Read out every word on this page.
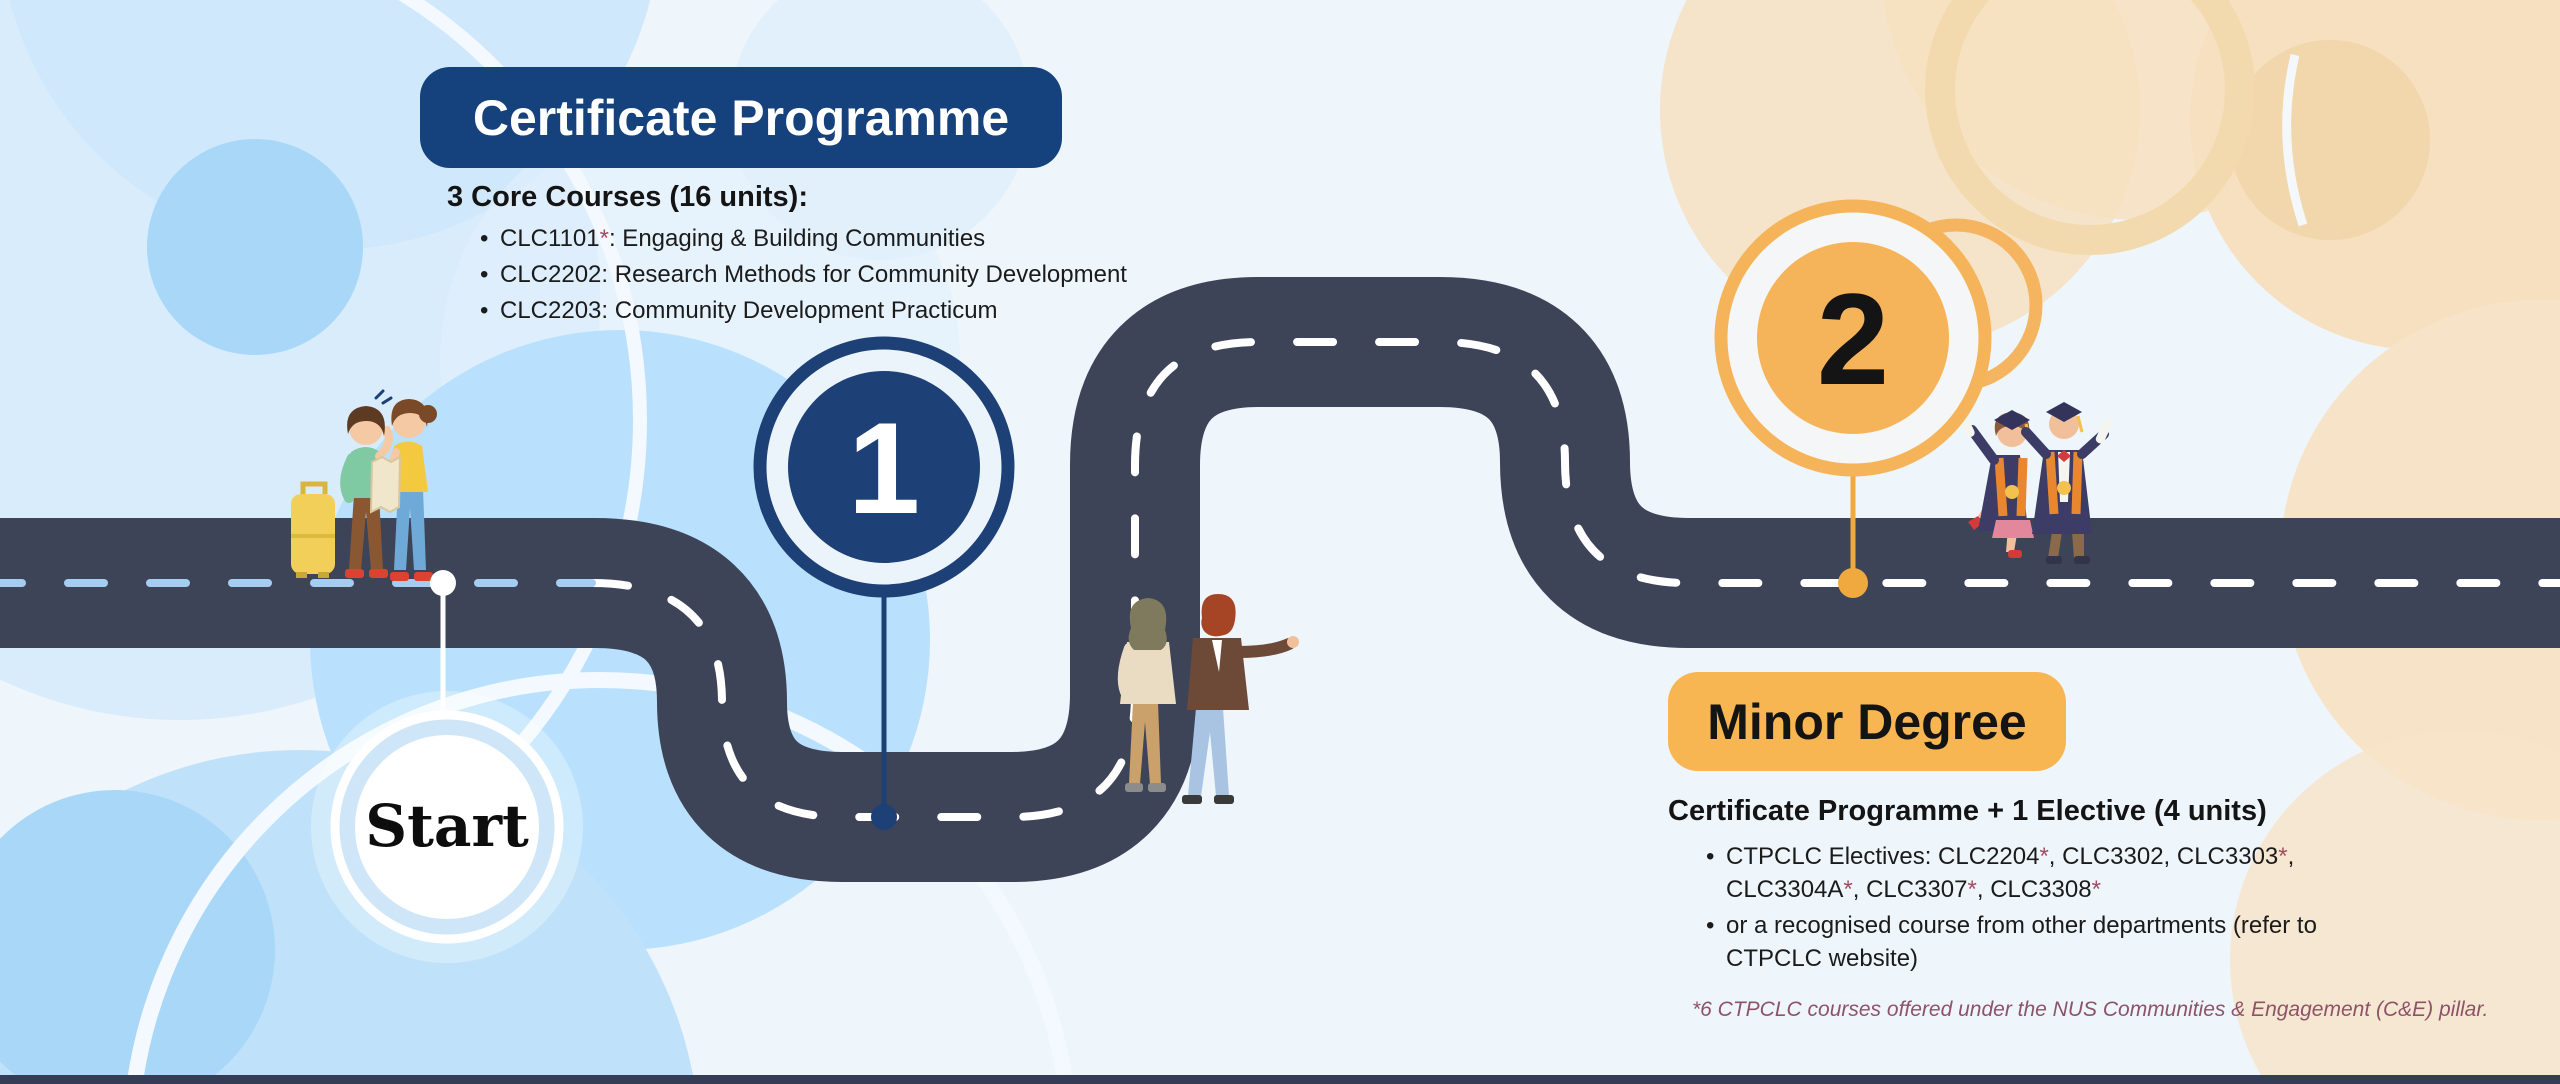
Start
1
2
Certificate Programme
3 Core Courses (16 units):
• CLC1101*: Engaging & Building Communities
• CLC2202: Research Methods for Community Development
• CLC2203: Community Development Practicum
Minor Degree
Certificate Programme + 1 Elective (4 units)
• CTPCLC Electives: CLC2204*, CLC3302, CLC3303*,
CLC3304A*, CLC3307*, CLC3308*
• or a recognised course from other departments (refer to
CTPCLC website)
*6 CTPCLC courses offered under the NUS Communities & Engagement (C&E) pillar.
